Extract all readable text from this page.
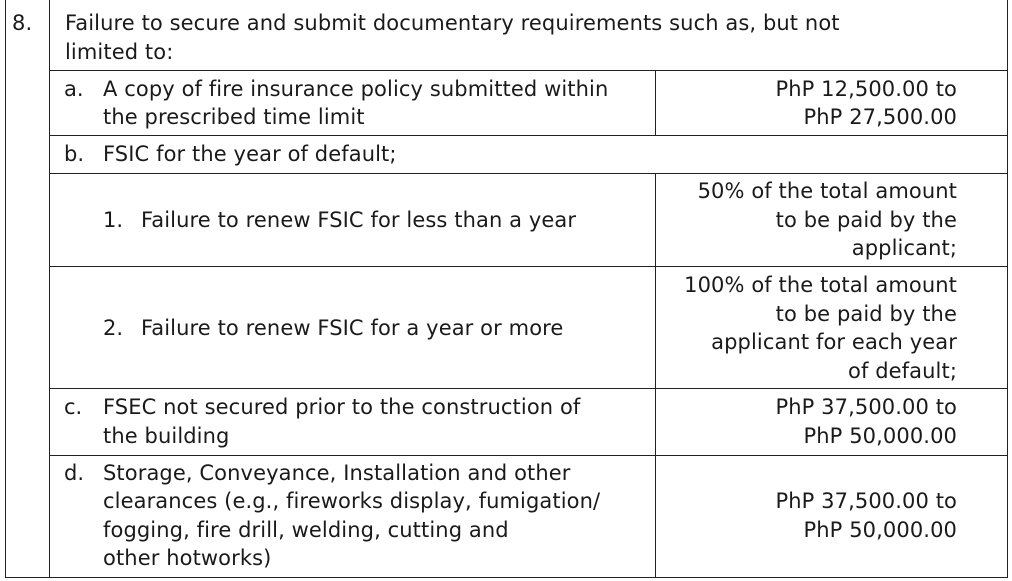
8. Failure to secure and submit documentary requirements such as, but not
limited to:
a. A copy of fire insurance policy submitted within
the prescribed time limit
PhP 12,500.00 to
PhP 27,500.00
b. FSIC for the year of default;
1. Failure to renew FSIC for less than a year
50% of the total amount
to be paid by the
applicant;
2. Failure to renew FSIC for a year or more
100% of the total amount
to be paid by the
applicant for each year
of default;
c. FSEC not secured prior to the construction of
the building
PhP 37,500.00 to
PhP 50,000.00
d. Storage, Conveyance, Installation and other
clearances (e.g., fireworks display, fumigation/
fogging, fire drill, welding, cutting and
other hotworks)
PhP 37,500.00 to
PhP 50,000.00
